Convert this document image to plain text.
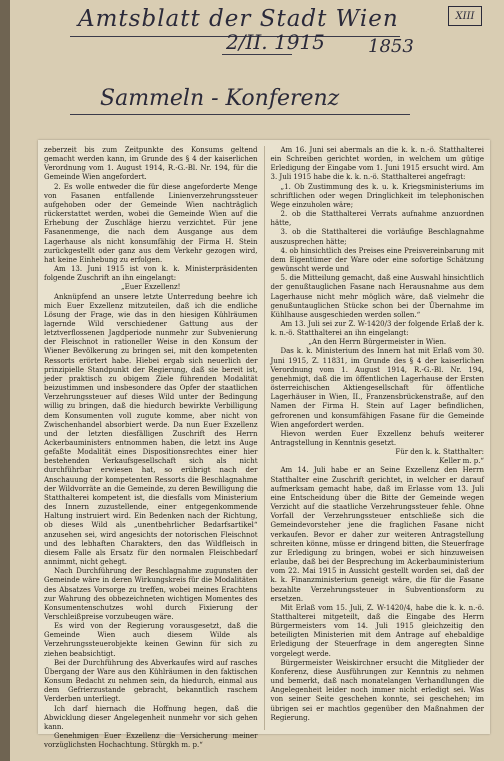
Amtsblatt der Stadt Wien	XIII
2/II. 1915 1853
Sammeln - Konferenz

zeberzeit bis zum Zeitpunkte des Konsums geltend gemacht werden kann, im Grunde des § 4 der kaiserlichen Verordnung vom 1. August 1914, R.-G.-Bl. Nr. 194, für die Gemeinde Wien angefordert.

2. Es wolle entweder die für diese angeforderte Menge von Fasanen entfallende Linienverzehrungssteuer aufgehoben oder der Gemeinde Wien nachträglich rückerstattet werden, wobei die Gemeinde Wien auf die Erhebung der Zuschläge hierzu verzichtet. Für jene Fasanenmenge, die nach dem Ausgange aus dem Lagerhause als nicht konsumfähig der Firma H. Stein zurückgestellt oder ganz aus dem Verkehr gezogen wird, hat keine Einhebung zu erfolgen.

Am 13. Juni 1915 ist von k. k. Ministerpräsidenten folgende Zuschrift an ihn eingelangt:

„Euer Exzellenz!

Anknüpfend an unsere letzte Unterredung beehre ich mich Euer Exzellenz mitzuteilen, daß ich die endliche Lösung der Frage, wie das in den hiesigen Kühlräumen lagernde Wild verschiedener Gattung aus der letztverflossenen Jagdperiode nunmehr zur Subvenierung der Fleischnot in rationeller Weise in den Konsum der Wiener Bevölkerung zu bringen sei, mit den kompetenten Ressorts erörtert habe. Hiebei ergab sich neuerlich der prinzipielle Standpunkt der Regierung, daß sie bereit ist, jeder praktisch zu obigem Ziele führenden Modalität beizustimmen und insbesondere das Opfer der staatlichen Verzehrungssteuer auf dieses Wild unter der Bedingung willig zu bringen, daß die hiedurch bewirkte Verbilligung dem Konsumenten voll zugute komme, aber nicht von Zwischenhandel absorbiert werde. Da nun Euer Exzellenz und der letzten diesfälligen Zuschrift des Herrn Ackerbauministers entnommen haben, die letzt ins Auge gefaßte Modalität eines Dispositionsrechtes einer hier bestehenden Verkaufsgesellschaft sich als nicht durchführbar erwiesen hat, so erübrigt nach der Anschauung der kompetenten Ressorts die Beschlagnahme der Wildvorräte an die Gemeinde, zu deren Bewilligung die Statthalterei kompetent ist, die diesfalls vom Ministerium des Innern zuzustellende, einer entgegenkommende Haltung instruiert wird. Ein Bedenken nach der Richtung, ob dieses Wild als „unentbehrlicher Bedarfsartikel“ anzusehen sei, wird angesichts der notorischen Fleischnot und des lebhaften Charakters, den das Wildfleisch in diesem Falle als Ersatz für den normalen Fleischbedarf annimmt, nicht gehegt.

Nach Durchführung der Beschlagnahme zugunsten der Gemeinde wäre in deren Wirkungskreis für die Modalitäten des Absatzes Vorsorge zu treffen, wobei meines Erachtens zur Wahrung des obbezeichneten wichtigen Momentes des Konsumentenschutzes wohl durch Fixierung der Verschleißpreise vorzubeugen wäre.

Es wird von der Regierung vorausgesetzt, daß die Gemeinde Wien auch diesem Wilde als Verzehrungssteuerobjekte keinen Gewinn für sich zu ziehen beabsichtigt.

Bei der Durchführung des Abverkaufes wird auf rasches Übergang der Ware aus den Kühlräumen in den faktischen Konsum Bedacht zu nehmen sein, da hiedurch, einmal aus dem Gefrierzustande gebracht, bekanntlich raschem Verderben unterliegt.

Ich darf hiernach die Hoffnung hegen, daß die Abwicklung dieser Angelegenheit nunmehr vor sich gehen kann.

Genehmigen Euer Exzellenz die Versicherung meiner vorzüglichsten Hochachtung. Stürgkh m. p.“

Am 16. Juni sei abermals an die k. k. n.-ö. Statthalterei ein Schreiben gerichtet worden, in welchem um gütige Erledigung der Eingabe vom 1. Juni 1915 ersucht wird. Am 3. Juli 1915 habe die k. k. n.-ö. Statthalterei angefragt:

„1. Ob Zustimmung des k. u. k. Kriegsministeriums im schriftlichen oder wegen Dringlichkeit im telephonischen Wege einzuholen wäre;

2. ob die Statthalterei Verrats aufnahme anzuordnen hätte,

3. ob die Statthalterei die vorläufige Beschlagnahme auszusprechen hätte;

4. ob hinsichtlich des Preises eine Preisvereinbarung mit dem Eigentümer der Ware oder eine sofortige Schätzung gewünscht werde und

5. die Mitteilung gemacht, daß eine Auswahl hinsichtlich der genußtauglichen Fasane nach Herausnahme aus dem Lagerhause nicht mehr möglich wäre, daß vielmehr die genußuntauglichen Stücke schon bei der Übernahme im Kühlhause ausgeschieden werden sollen.“

Am 13. Juli sei zur Z. W-1420/3 der folgende Erlaß der k. k. n.-ö. Statthalterei an ihn eingelangt:

„An den Herrn Bürgermeister in Wien.

Das k. k. Ministerium des Innern hat mit Erlaß vom 30. Juni 1915, Z. 11831, im Grunde des § 4 der kaiserlichen Verordnung vom 1. August 1914, R.-G.-Bl. Nr. 194, genehmigt, daß die im öffentlichen Lagerhause der Ersten österreichischen Aktiengesellschaft für öffentliche Lagerhäuser in Wien, II., Franzensbrückenstraße, auf den Namen der Firma H. Stein auf Lager befindlichen, gefrorenen und konsumfähigen Fasane für die Gemeinde Wien angefordert werden.

Hievon werden Euer Exzellenz behufs weiterer Antragstellung in Kenntnis gesetzt.

Für den k. k. Statthalter:

Keller m. p.“

Am 14. Juli habe er an Seine Exzellenz den Herrn Statthalter eine Zuschrift gerichtet, in welcher er darauf aufmerksam gemacht habe, daß im Erlasse vom 13. Juli eine Entscheidung über die Bitte der Gemeinde wegen Verzicht auf die staatliche Verzehrungssteuer fehle. Ohne Vorfall der Verzehrungssteuer entschließe sich die Gemeindevorsteher jene die fraglichen Fasane nicht verkaufen. Bevor er daher zur weiteren Antragstellung schreiten könne, müsse er dringend bitten, die Steuerfrage zur Erledigung zu bringen, wobei er sich hinzuweisen erlaube, daß bei der Besprechung im Ackerbauministerium vom 22. Mai 1915 in Aussicht gestellt worden sei, daß der k. k. Finanzministerium geneigt wäre, die für die Fasane bezahlte Verzehrungssteuer in Subventionsform zu ersetzen.

Mit Erlaß vom 15. Juli, Z. W-1420/4, habe die k. k. n.-ö. Statthalterei mitgeteilt, daß die Eingabe des Herrn Bürgermeisters vom 14. Juli 1915 gleichzeitig den beteiligten Ministerien mit dem Antrage auf ehebaldige Erledigung der Steuerfrage in dem angeregten Sinne vorgelegt werde.

Bürgermeister Weiskirchner ersucht die Mitglieder der Konferenz, diese Ausführungen zur Kenntnis zu nehmen und bemerkt, daß nach monatelangen Verhandlungen die Angelegenheit leider noch immer nicht erledigt sei. Was von seiner Seite geschehen konnte, sei geschehen; im übrigen sei er machtlos gegenüber den Maßnahmen der Regierung.
